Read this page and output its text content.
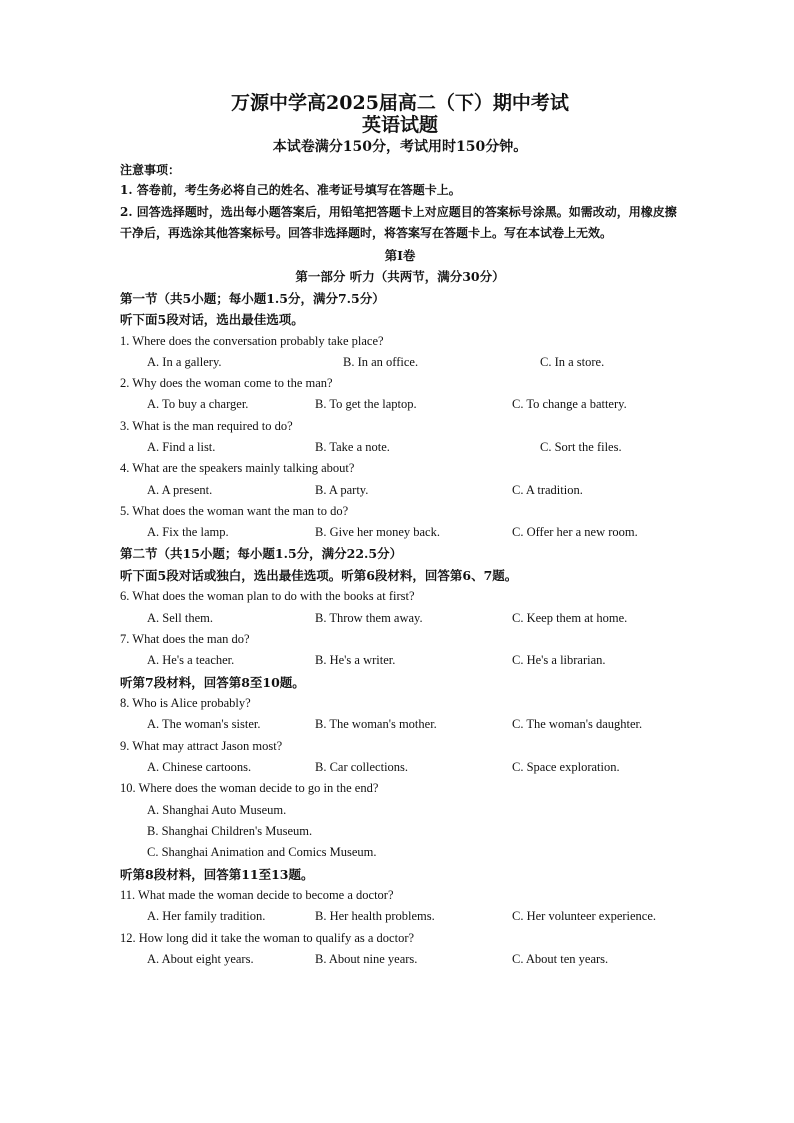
万源中学高2025届高二（下）期中考试
英语试题
本试卷满分150分，考试用时150分钟。
注意事项：
1. 答卷前，考生务必将自己的姓名、准考证号填写在答题卡上。
2. 回答选择题时，选出每小题答案后，用铅笔把答题卡上对应题目的答案标号涂黑。如需改动，用橡皮擦干净后，再选涂其他答案标号。回答非选择题时，将答案写在答题卡上。写在本试卷上无效。
第Ⅰ卷
第一部分 听力（共两节，满分30分）
第一节（共5小题；每小题1.5分，满分7.5分）
听下面5段对话，选出最佳选项。
1. Where does the conversation probably take place?
A. In a gallery.	B. In an office.	C. In a store.
2. Why does the woman come to the man?
A. To buy a charger.	B. To get the laptop.	C. To change a battery.
3. What is the man required to do?
A. Find a list.	B. Take a note.	C. Sort the files.
4. What are the speakers mainly talking about?
A. A present.	B. A party.	C. A tradition.
5. What does the woman want the man to do?
A. Fix the lamp.	B. Give her money back.	C. Offer her a new room.
第二节（共15小题；每小题1.5分，满分22.5分）
听下面5段对话或独白，选出最佳选项。听第6段材料，回答第6、7题。
6. What does the woman plan to do with the books at first?
A. Sell them.	B. Throw them away.	C. Keep them at home.
7. What does the man do?
A. He's a teacher.	B. He's a writer.	C. He's a librarian.
听第7段材料，回答第8至10题。
8. Who is Alice probably?
A. The woman's sister.	B. The woman's mother.	C. The woman's daughter.
9. What may attract Jason most?
A. Chinese cartoons.	B. Car collections.	C. Space exploration.
10. Where does the woman decide to go in the end?
A. Shanghai Auto Museum.
B. Shanghai Children's Museum.
C. Shanghai Animation and Comics Museum.
听第8段材料，回答第11至13题。
11. What made the woman decide to become a doctor?
A. Her family tradition.	B. Her health problems.	C. Her volunteer experience.
12. How long did it take the woman to qualify as a doctor?
A. About eight years.	B. About nine years.	C. About ten years.
